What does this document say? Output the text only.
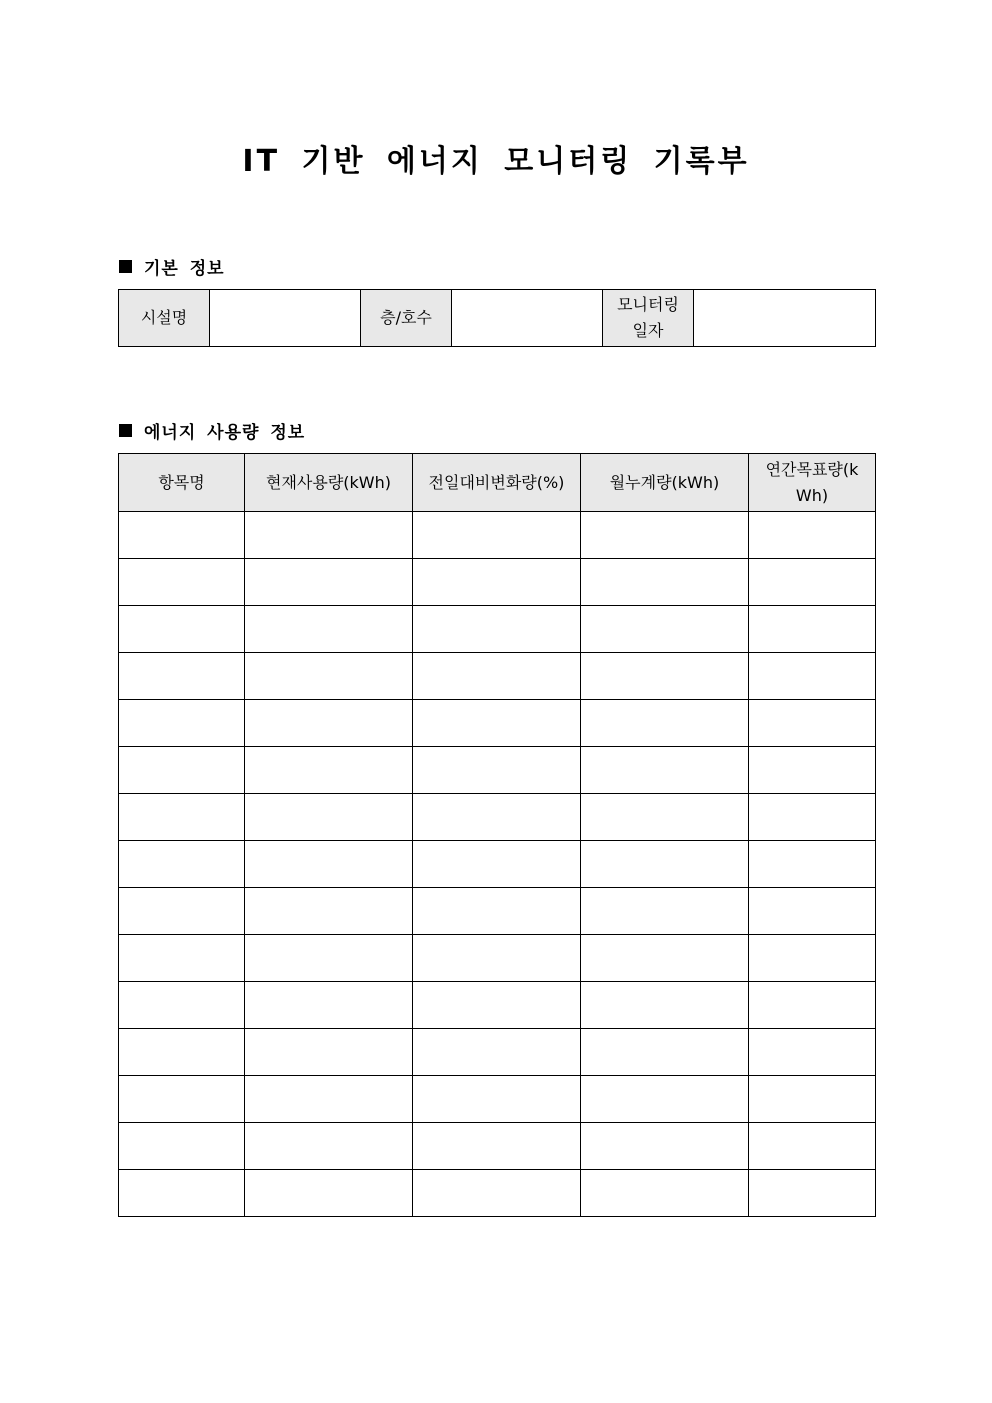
IT 기반 에너지 모니터링 기록부
기본 정보
시설명		층/호수		모니터링 일자	
에너지 사용량 정보
항목명	현재사용량(kWh)	전일대비변화량(%)	월누계량(kWh)	연간목표량(kWh)
